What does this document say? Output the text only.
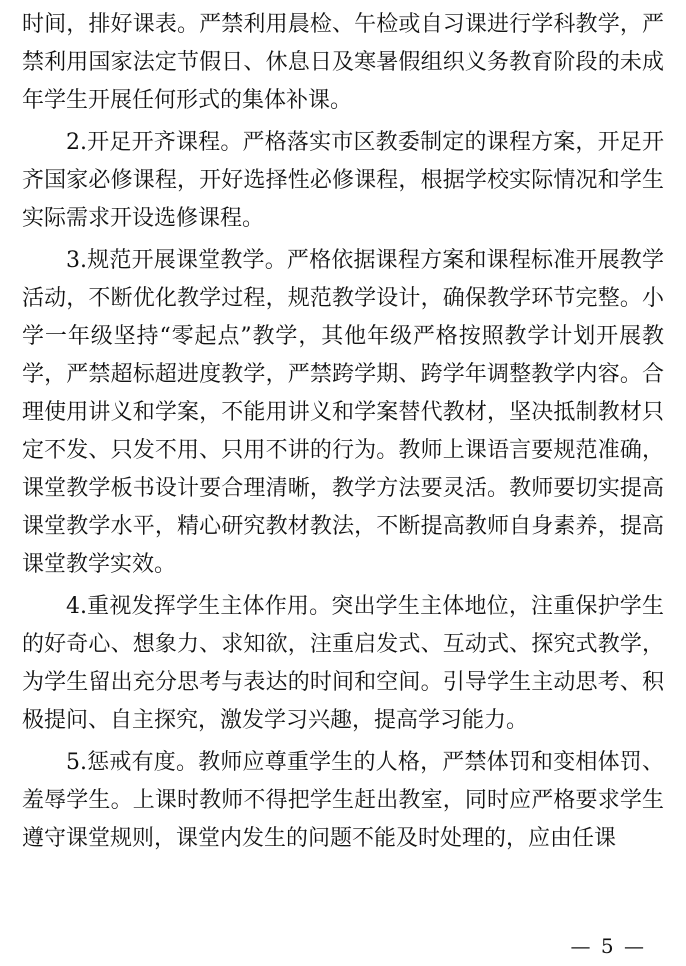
时间，排好课表。严禁利用晨检、午检或自习课进行学科教学，严禁利用国家法定节假日、休息日及寒暑假组织义务教育阶段的未成年学生开展任何形式的集体补课。

2.开足开齐课程。严格落实市区教委制定的课程方案，开足开齐国家必修课程，开好选择性必修课程，根据学校实际情况和学生实际需求开设选修课程。

3.规范开展课堂教学。严格依据课程方案和课程标准开展教学活动，不断优化教学过程，规范教学设计，确保教学环节完整。小学一年级坚持“零起点”教学，其他年级严格按照教学计划开展教学，严禁超标超进度教学，严禁跨学期、跨学年调整教学内容。合理使用讲义和学案，不能用讲义和学案替代教材，坚决抵制教材只定不发、只发不用、只用不讲的行为。教师上课语言要规范准确，课堂教学板书设计要合理清晰，教学方法要灵活。教师要切实提高课堂教学水平，精心研究教材教法，不断提高教师自身素养，提高课堂教学实效。

4.重视发挥学生主体作用。突出学生主体地位，注重保护学生的好奇心、想象力、求知欲，注重启发式、互动式、探究式教学，为学生留出充分思考与表达的时间和空间。引导学生主动思考、积极提问、自主探究，激发学习兴趣，提高学习能力。

5.惩戒有度。教师应尊重学生的人格，严禁体罚和变相体罚、羞辱学生。上课时教师不得把学生赶出教室，同时应严格要求学生遵守课堂规则，课堂内发生的问题不能及时处理的，应由任课

— 5 —
